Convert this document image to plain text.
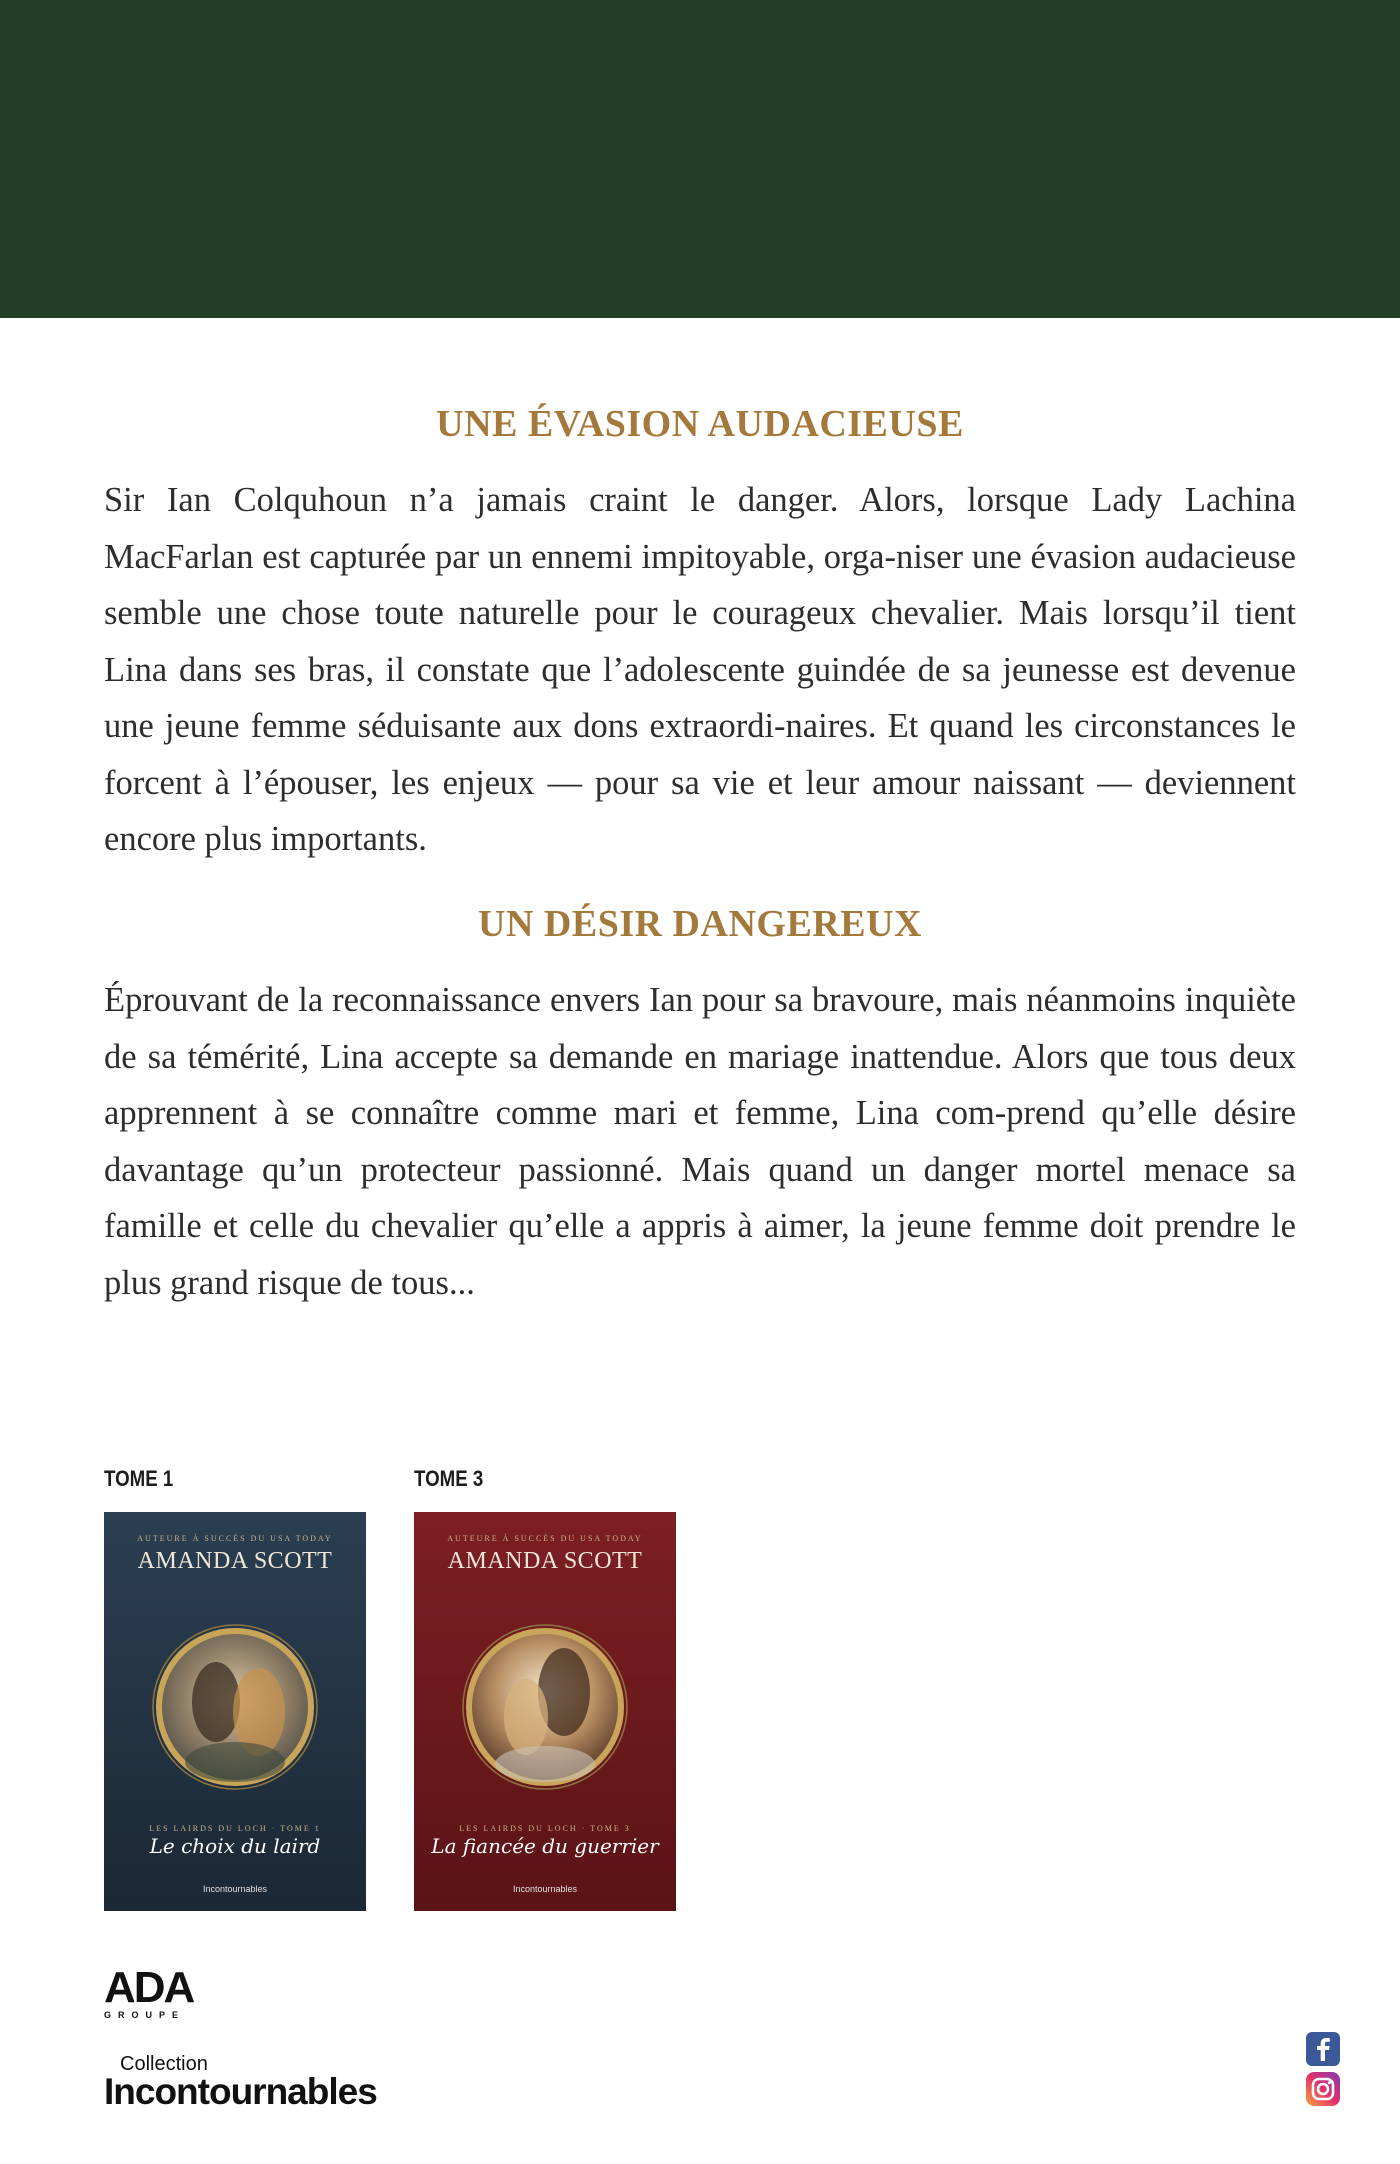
UNE ÉVASION AUDACIEUSE

Sir Ian Colquhoun n’a jamais craint le danger. Alors, lorsque Lady Lachina MacFarlan est capturée par un ennemi impitoyable, orga-niser une évasion audacieuse semble une chose toute naturelle pour le courageux chevalier. Mais lorsqu’il tient Lina dans ses bras, il constate que l’adolescente guindée de sa jeunesse est devenue une jeune femme séduisante aux dons extraordi-naires. Et quand les circonstances le forcent à l’épouser, les enjeux — pour sa vie et leur amour naissant — deviennent encore plus importants.

UN DÉSIR DANGEREUX

Éprouvant de la reconnaissance envers Ian pour sa bravoure, mais néanmoins inquiète de sa témérité, Lina accepte sa demande en mariage inattendue. Alors que tous deux apprennent à se connaître comme mari et femme, Lina com-prend qu’elle désire davantage qu’un protecteur passionné. Mais quand un danger mortel menace sa famille et celle du chevalier qu’elle a appris à aimer, la jeune femme doit prendre le plus grand risque de tous...

TOME 1
AUTEURE À SUCCÈS DU USA TODAY
AMANDA SCOTT
LES LAIRDS DU LOCH · TOME 1
Le choix du laird
Incontournables
TOME 3
AUTEURE À SUCCÈS DU USA TODAY
AMANDA SCOTT
LES LAIRDS DU LOCH · TOME 3
La fiancée du guerrier
Incontournables
ADA
GROUPE
Collection
Incontournables
